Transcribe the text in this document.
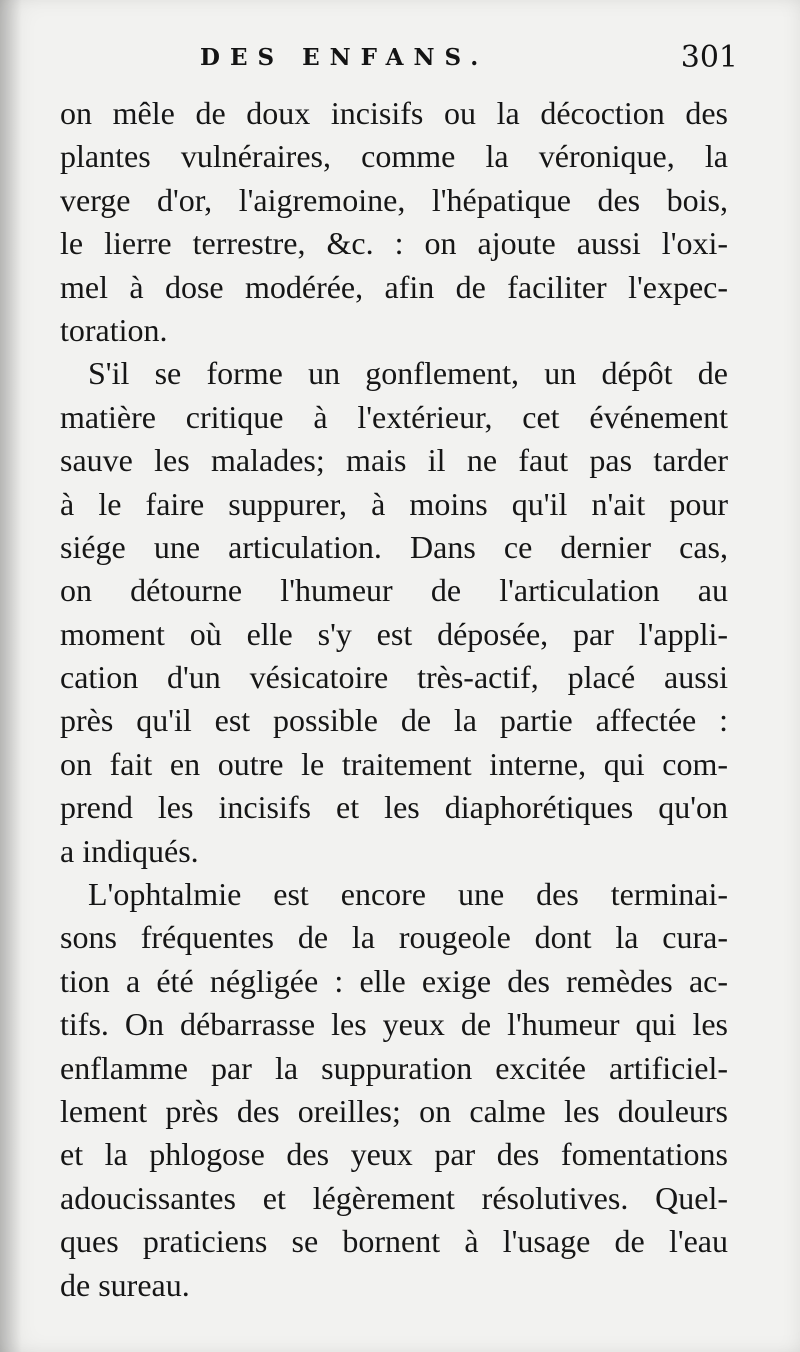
DES ENFANS.	301
on mêle de doux incisifs ou la décoction des
plantes vulnéraires, comme la véronique, la
verge d'or, l'aigremoine, l'hépatique des bois,
le lierre terrestre, &c. : on ajoute aussi l'oxi-
mel à dose modérée, afin de faciliter l'expec-
toration.
S'il se forme un gonflement, un dépôt de
matière critique à l'extérieur, cet événement
sauve les malades; mais il ne faut pas tarder
à le faire suppurer, à moins qu'il n'ait pour
siége une articulation. Dans ce dernier cas,
on détourne l'humeur de l'articulation au
moment où elle s'y est déposée, par l'appli-
cation d'un vésicatoire très-actif, placé aussi
près qu'il est possible de la partie affectée :
on fait en outre le traitement interne, qui com-
prend les incisifs et les diaphorétiques qu'on
a indiqués.
L'ophtalmie est encore une des terminai-
sons fréquentes de la rougeole dont la cura-
tion a été négligée : elle exige des remèdes ac-
tifs. On débarrasse les yeux de l'humeur qui les
enflamme par la suppuration excitée artificiel-
lement près des oreilles; on calme les douleurs
et la phlogose des yeux par des fomentations
adoucissantes et légèrement résolutives. Quel-
ques praticiens se bornent à l'usage de l'eau
de sureau.
